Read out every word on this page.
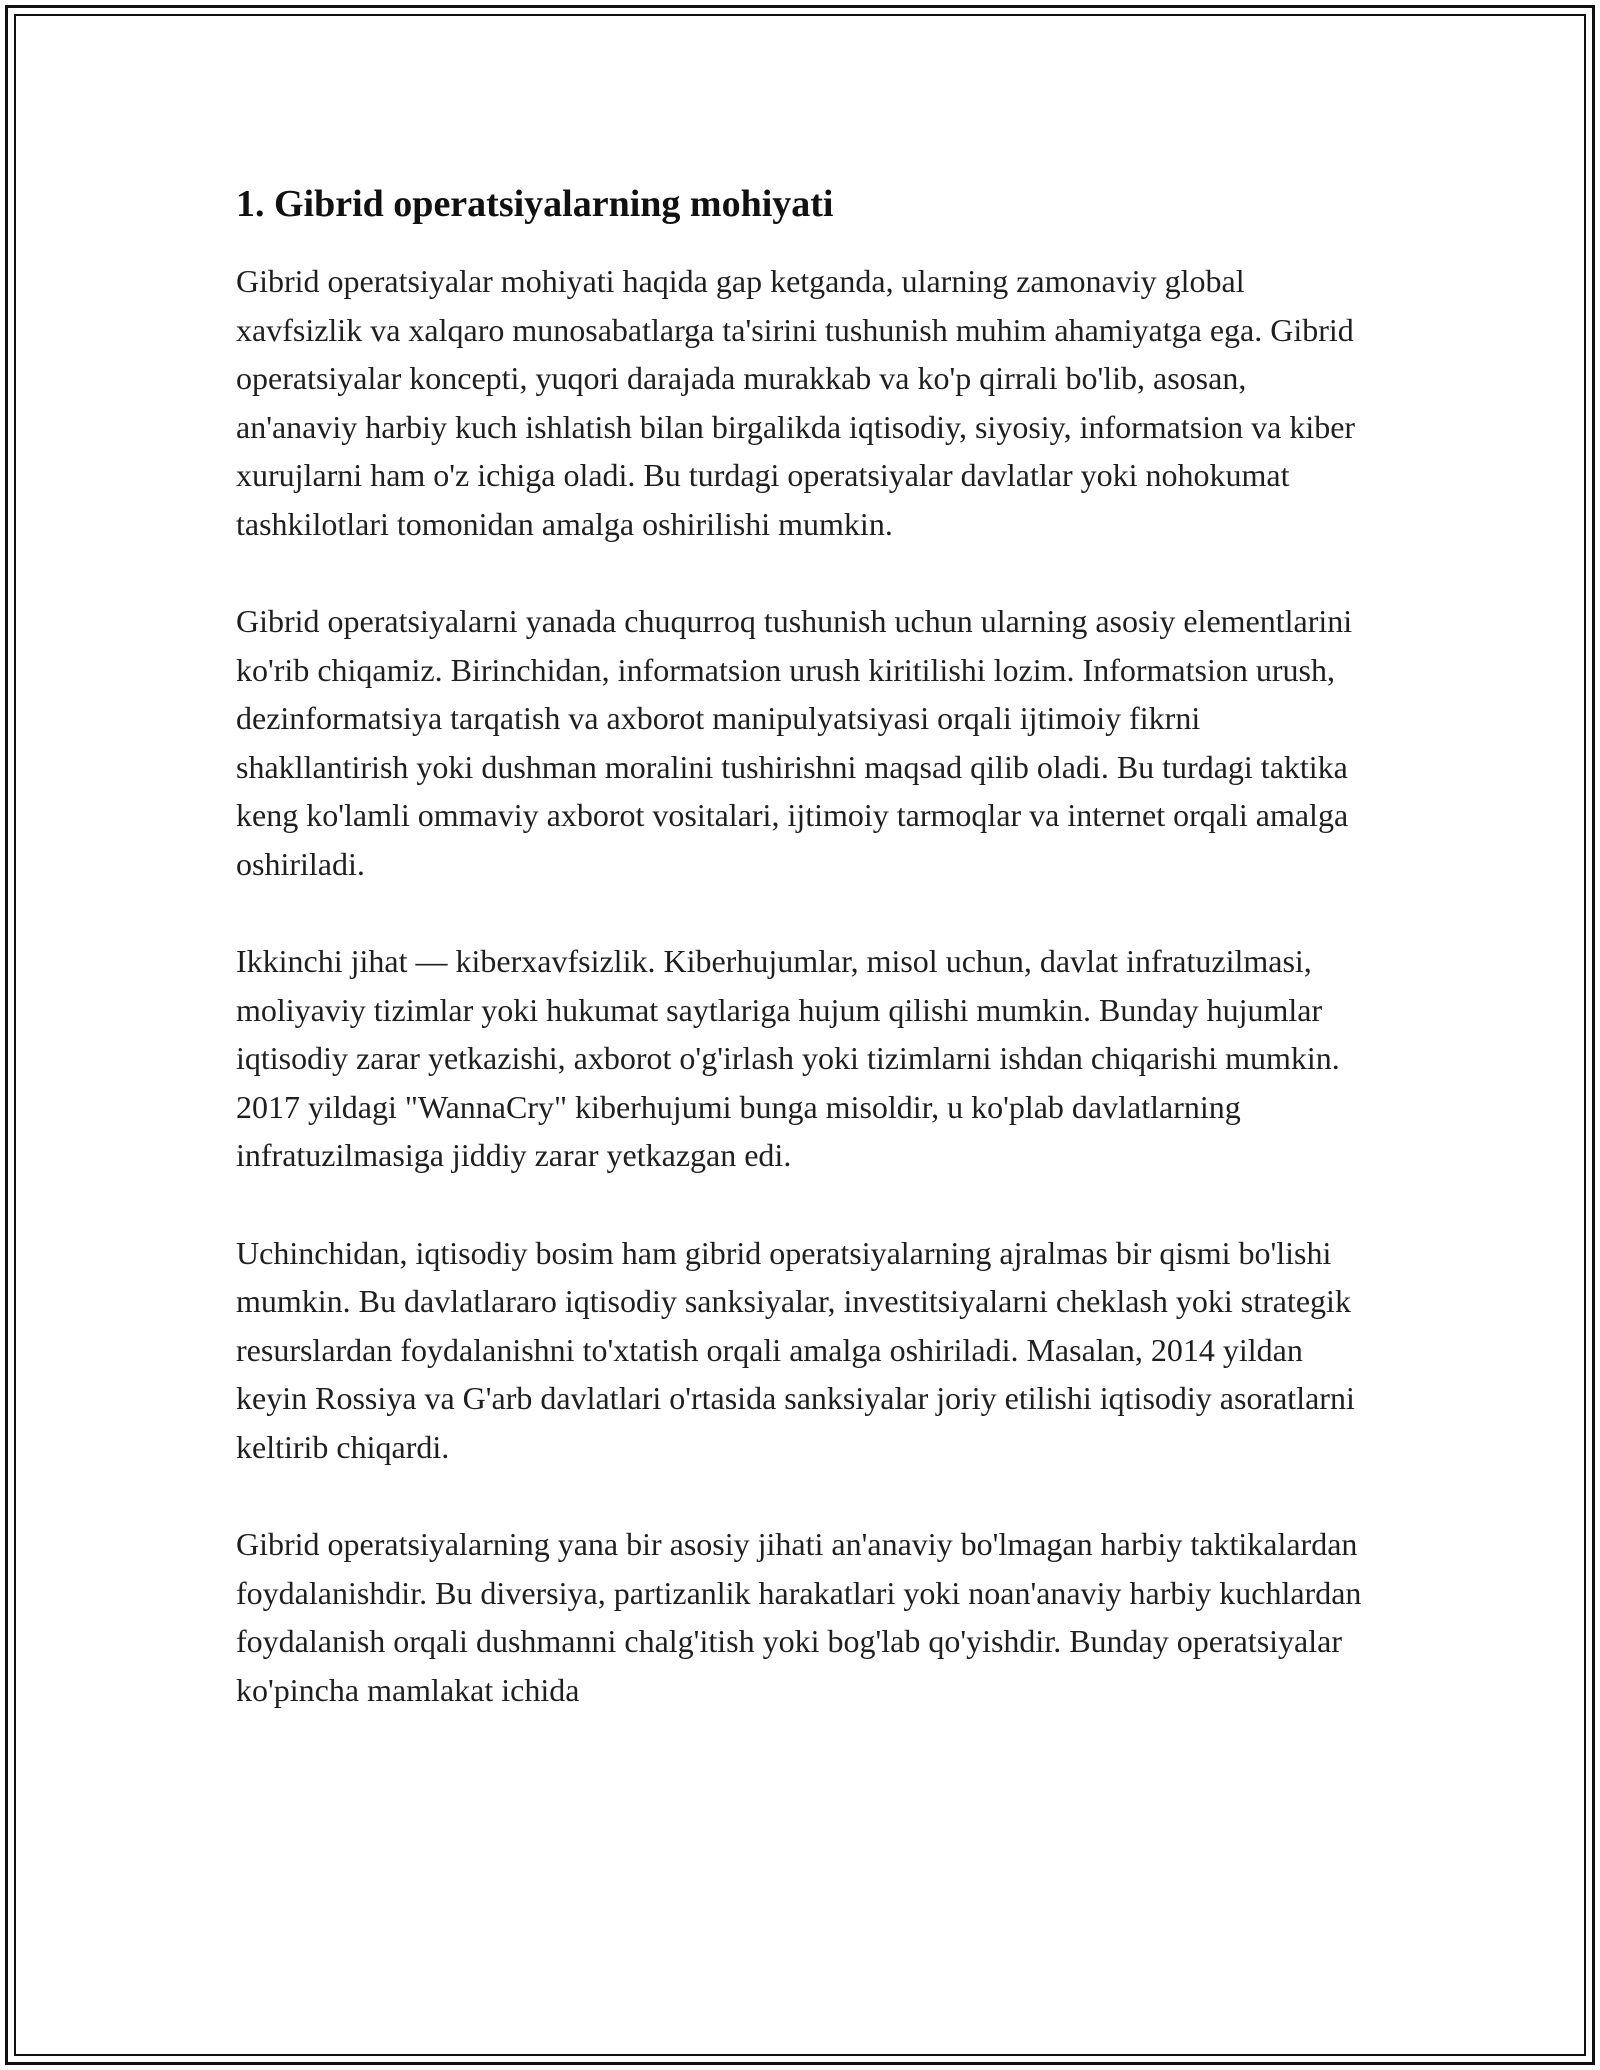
1. Gibrid operatsiyalarning mohiyati

Gibrid operatsiyalar mohiyati haqida gap ketganda, ularning zamonaviy global xavfsizlik va xalqaro munosabatlarga ta'sirini tushunish muhim ahamiyatga ega. Gibrid operatsiyalar koncepti, yuqori darajada murakkab va ko'p qirrali bo'lib, asosan, an'anaviy harbiy kuch ishlatish bilan birgalikda iqtisodiy, siyosiy, informatsion va kiber xurujlarni ham o'z ichiga oladi. Bu turdagi operatsiyalar davlatlar yoki nohokumat tashkilotlari tomonidan amalga oshirilishi mumkin.

Gibrid operatsiyalarni yanada chuqurroq tushunish uchun ularning asosiy elementlarini ko'rib chiqamiz. Birinchidan, informatsion urush kiritilishi lozim. Informatsion urush, dezinformatsiya tarqatish va axborot manipulyatsiyasi orqali ijtimoiy fikrni shakllantirish yoki dushman moralini tushirishni maqsad qilib oladi. Bu turdagi taktika keng ko'lamli ommaviy axborot vositalari, ijtimoiy tarmoqlar va internet orqali amalga oshiriladi.

Ikkinchi jihat — kiberxavfsizlik. Kiberhujumlar, misol uchun, davlat infratuzilmasi, moliyaviy tizimlar yoki hukumat saytlariga hujum qilishi mumkin. Bunday hujumlar iqtisodiy zarar yetkazishi, axborot o'g'irlash yoki tizimlarni ishdan chiqarishi mumkin. 2017 yildagi "WannaCry" kiberhujumi bunga misoldir, u ko'plab davlatlarning infratuzilmasiga jiddiy zarar yetkazgan edi.

Uchinchidan, iqtisodiy bosim ham gibrid operatsiyalarning ajralmas bir qismi bo'lishi mumkin. Bu davlatlararo iqtisodiy sanksiyalar, investitsiyalarni cheklash yoki strategik resurslardan foydalanishni to'xtatish orqali amalga oshiriladi. Masalan, 2014 yildan keyin Rossiya va G'arb davlatlari o'rtasida sanksiyalar joriy etilishi iqtisodiy asoratlarni keltirib chiqardi.

Gibrid operatsiyalarning yana bir asosiy jihati an'anaviy bo'lmagan harbiy taktikalardan foydalanishdir. Bu diversiya, partizanlik harakatlari yoki noan'anaviy harbiy kuchlardan foydalanish orqali dushmanni chalg'itish yoki bog'lab qo'yishdir. Bunday operatsiyalar ko'pincha mamlakat ichida
